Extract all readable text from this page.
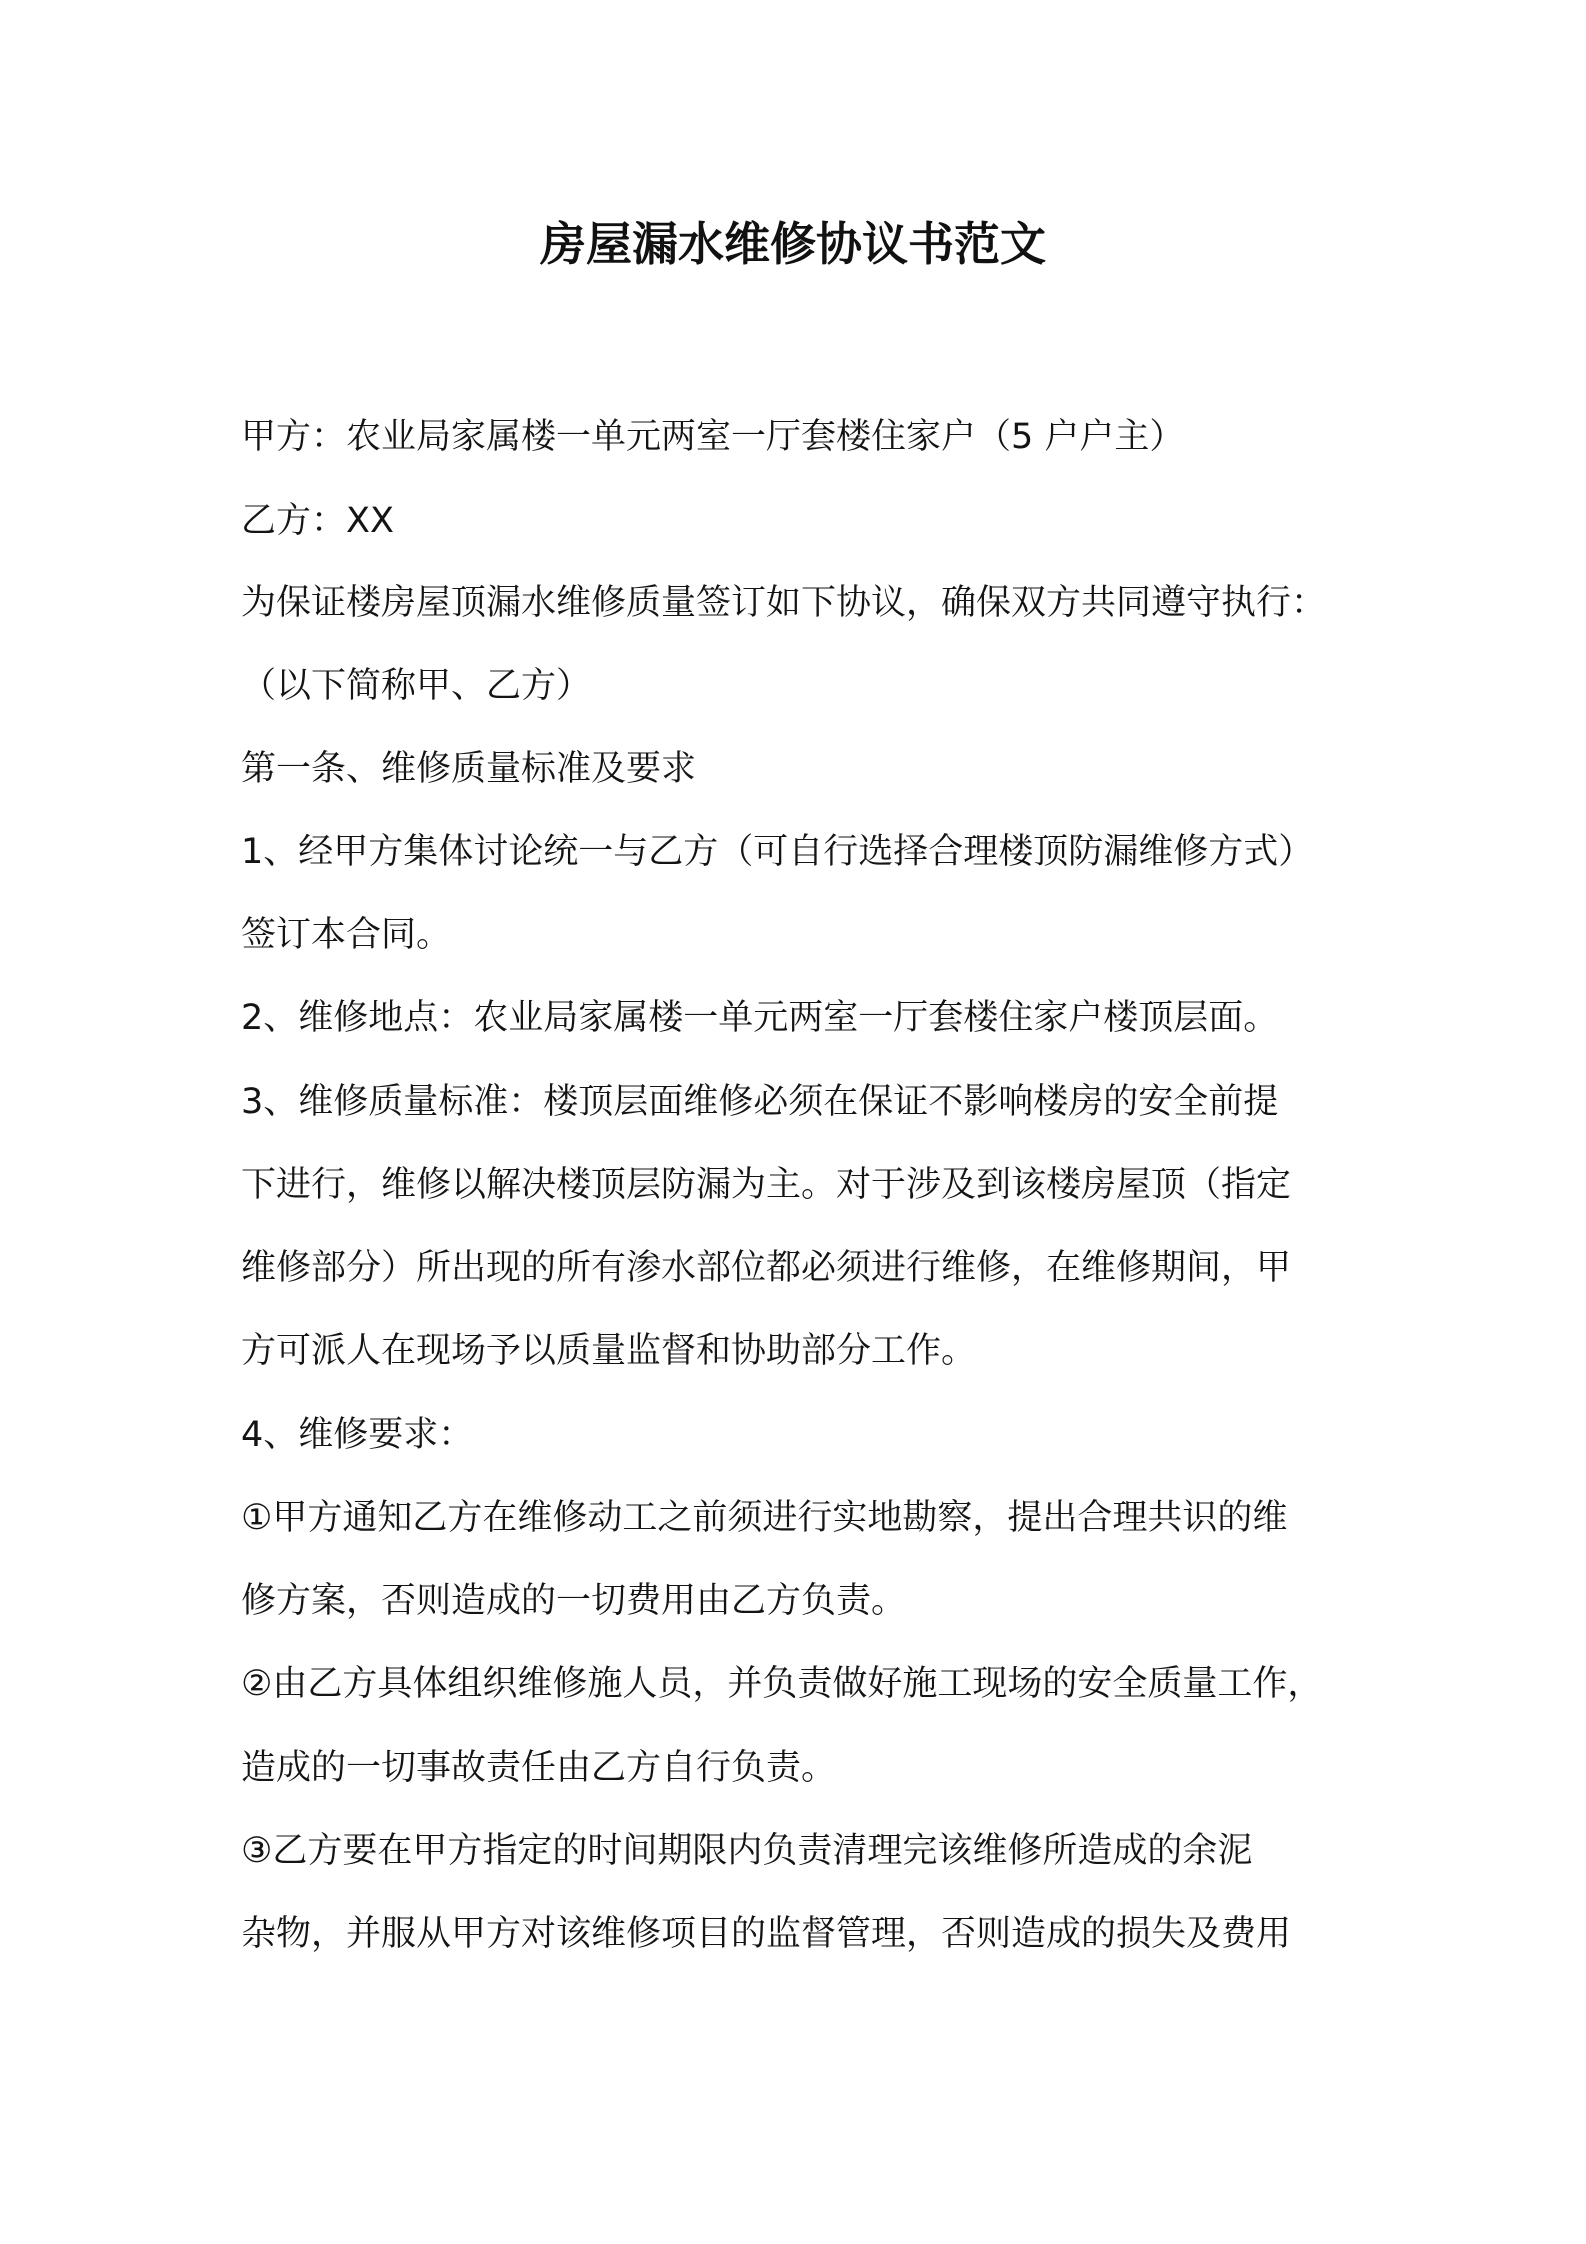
房屋漏水维修协议书范文

甲方：农业局家属楼一单元两室一厅套楼住家户（5 户户主）

乙方：XX

为保证楼房屋顶漏水维修质量签订如下协议，确保双方共同遵守执行：

（以下简称甲、乙方）

第一条、维修质量标准及要求

1、经甲方集体讨论统一与乙方（可自行选择合理楼顶防漏维修方式）

签订本合同。

2、维修地点：农业局家属楼一单元两室一厅套楼住家户楼顶层面。

3、维修质量标准：楼顶层面维修必须在保证不影响楼房的安全前提

下进行，维修以解决楼顶层防漏为主。对于涉及到该楼房屋顶（指定

维修部分）所出现的所有渗水部位都必须进行维修，在维修期间，甲

方可派人在现场予以质量监督和协助部分工作。

4、维修要求：

①甲方通知乙方在维修动工之前须进行实地勘察，提出合理共识的维

修方案，否则造成的一切费用由乙方负责。

②由乙方具体组织维修施人员，并负责做好施工现场的安全质量工作，

造成的一切事故责任由乙方自行负责。

③乙方要在甲方指定的时间期限内负责清理完该维修所造成的余泥

杂物，并服从甲方对该维修项目的监督管理，否则造成的损失及费用
